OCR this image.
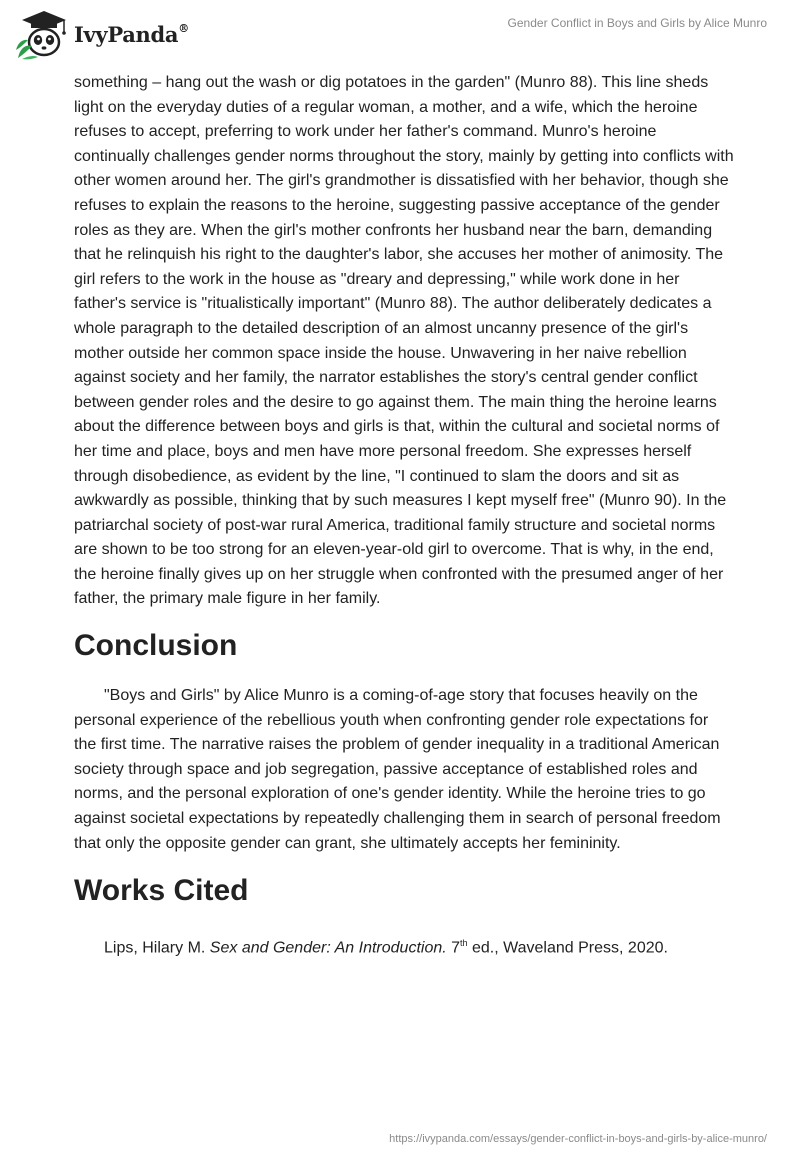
IvyPanda®	Gender Conflict in Boys and Girls by Alice Munro

something – hang out the wash or dig potatoes in the garden" (Munro 88). This line sheds light on the everyday duties of a regular woman, a mother, and a wife, which the heroine refuses to accept, preferring to work under her father's command. Munro's heroine continually challenges gender norms throughout the story, mainly by getting into conflicts with other women around her. The girl's grandmother is dissatisfied with her behavior, though she refuses to explain the reasons to the heroine, suggesting passive acceptance of the gender roles as they are. When the girl's mother confronts her husband near the barn, demanding that he relinquish his right to the daughter's labor, she accuses her mother of animosity. The girl refers to the work in the house as "dreary and depressing," while work done in her father's service is "ritualistically important" (Munro 88). The author deliberately dedicates a whole paragraph to the detailed description of an almost uncanny presence of the girl's mother outside her common space inside the house. Unwavering in her naive rebellion against society and her family, the narrator establishes the story's central gender conflict between gender roles and the desire to go against them. The main thing the heroine learns about the difference between boys and girls is that, within the cultural and societal norms of her time and place, boys and men have more personal freedom. She expresses herself through disobedience, as evident by the line, "I continued to slam the doors and sit as awkwardly as possible, thinking that by such measures I kept myself free" (Munro 90). In the patriarchal society of post-war rural America, traditional family structure and societal norms are shown to be too strong for an eleven-year-old girl to overcome. That is why, in the end, the heroine finally gives up on her struggle when confronted with the presumed anger of her father, the primary male figure in her family.

Conclusion

"Boys and Girls" by Alice Munro is a coming-of-age story that focuses heavily on the personal experience of the rebellious youth when confronting gender role expectations for the first time. The narrative raises the problem of gender inequality in a traditional American society through space and job segregation, passive acceptance of established roles and norms, and the personal exploration of one's gender identity. While the heroine tries to go against societal expectations by repeatedly challenging them in search of personal freedom that only the opposite gender can grant, she ultimately accepts her femininity.

Works Cited

Lips, Hilary M. Sex and Gender: An Introduction. 7th ed., Waveland Press, 2020.

https://ivypanda.com/essays/gender-conflict-in-boys-and-girls-by-alice-munro/
